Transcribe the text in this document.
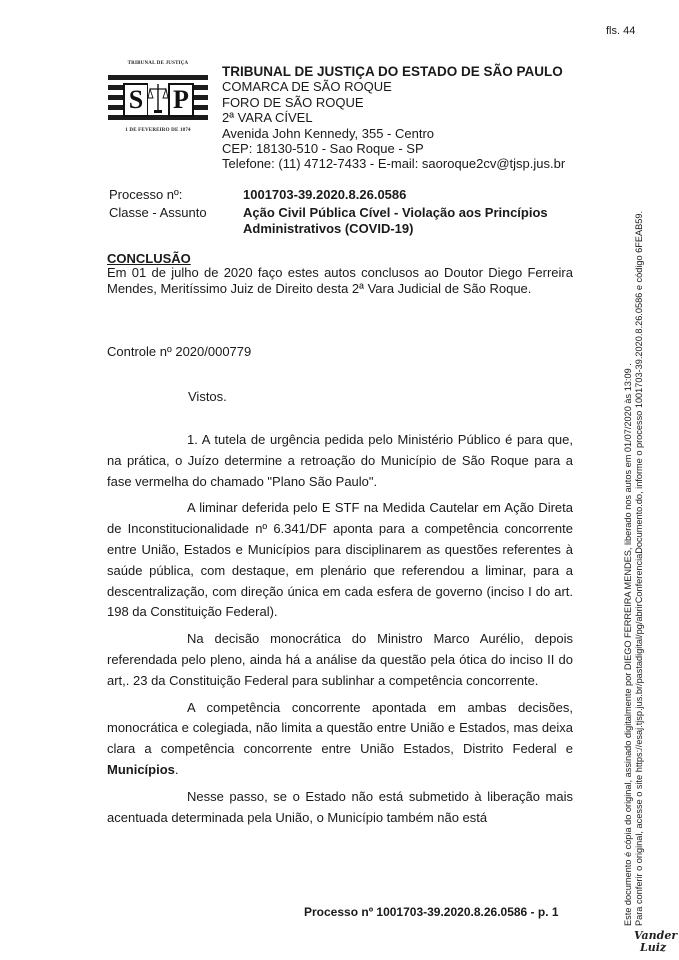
fls. 44
TRIBUNAL DE JUSTIÇA
S P
1 DE FEVEREIRO DE 1874
TRIBUNAL DE JUSTIÇA DO ESTADO DE SÃO PAULO
COMARCA DE SÃO ROQUE
FORO DE SÃO ROQUE
2ª VARA CÍVEL
Avenida John Kennedy, 355 - Centro
CEP: 18130-510 - Sao Roque - SP
Telefone: (11) 4712-7433 - E-mail: saoroque2cv@tjsp.jus.br
Processo nº:	1001703-39.2020.8.26.0586
Classe - Assunto	Ação Civil Pública Cível - Violação aos Princípios
Administrativos (COVID-19)
CONCLUSÃO
Em 01 de julho de 2020 faço estes autos conclusos ao Doutor Diego Ferreira Mendes, Meritíssimo Juiz de Direito desta 2ª Vara Judicial de São Roque.
Controle nº 2020/000779
Vistos.

1. A tutela de urgência pedida pelo Ministério Público é para que, na prática, o Juízo determine a retroação do Município de São Roque para a fase vermelha do chamado "Plano São Paulo".

A liminar deferida pelo E STF na Medida Cautelar em Ação Direta de Inconstitucionalidade nº 6.341/DF aponta para a competência concorrente entre União, Estados e Municípios para disciplinarem as questões referentes à saúde pública, com destaque, em plenário que referendou a liminar, para a descentralização, com direção única em cada esfera de governo (inciso I do art. 198 da Constituição Federal).

Na decisão monocrática do Ministro Marco Aurélio, depois referendada pelo pleno, ainda há a análise da questão pela ótica do inciso II do art,. 23 da Constituição Federal para sublinhar a competência concorrente.

A competência concorrente apontada em ambas decisões, monocrática e colegiada, não limita a questão entre União e Estados, mas deixa clara a competência concorrente entre União Estados, Distrito Federal e Municípios.

Nesse passo, se o Estado não está submetido à liberação mais acentuada determinada pela União, o Município também não está

Processo nº 1001703-39.2020.8.26.0586 - p. 1	Este documento é cópia do original, assinado digitalmente por DIEGO FERREIRA MENDES, liberado nos autos em 01/07/2020 às 13:09 . Para conferir o original, acesse o site https://esaj.tjsp.jus.br/pastadigital/pg/abrirConferenciaDocumento.do, informe o processo 1001703-39.2020.8.26.0586 e código 6FEAB59.
Vander
Luiz
